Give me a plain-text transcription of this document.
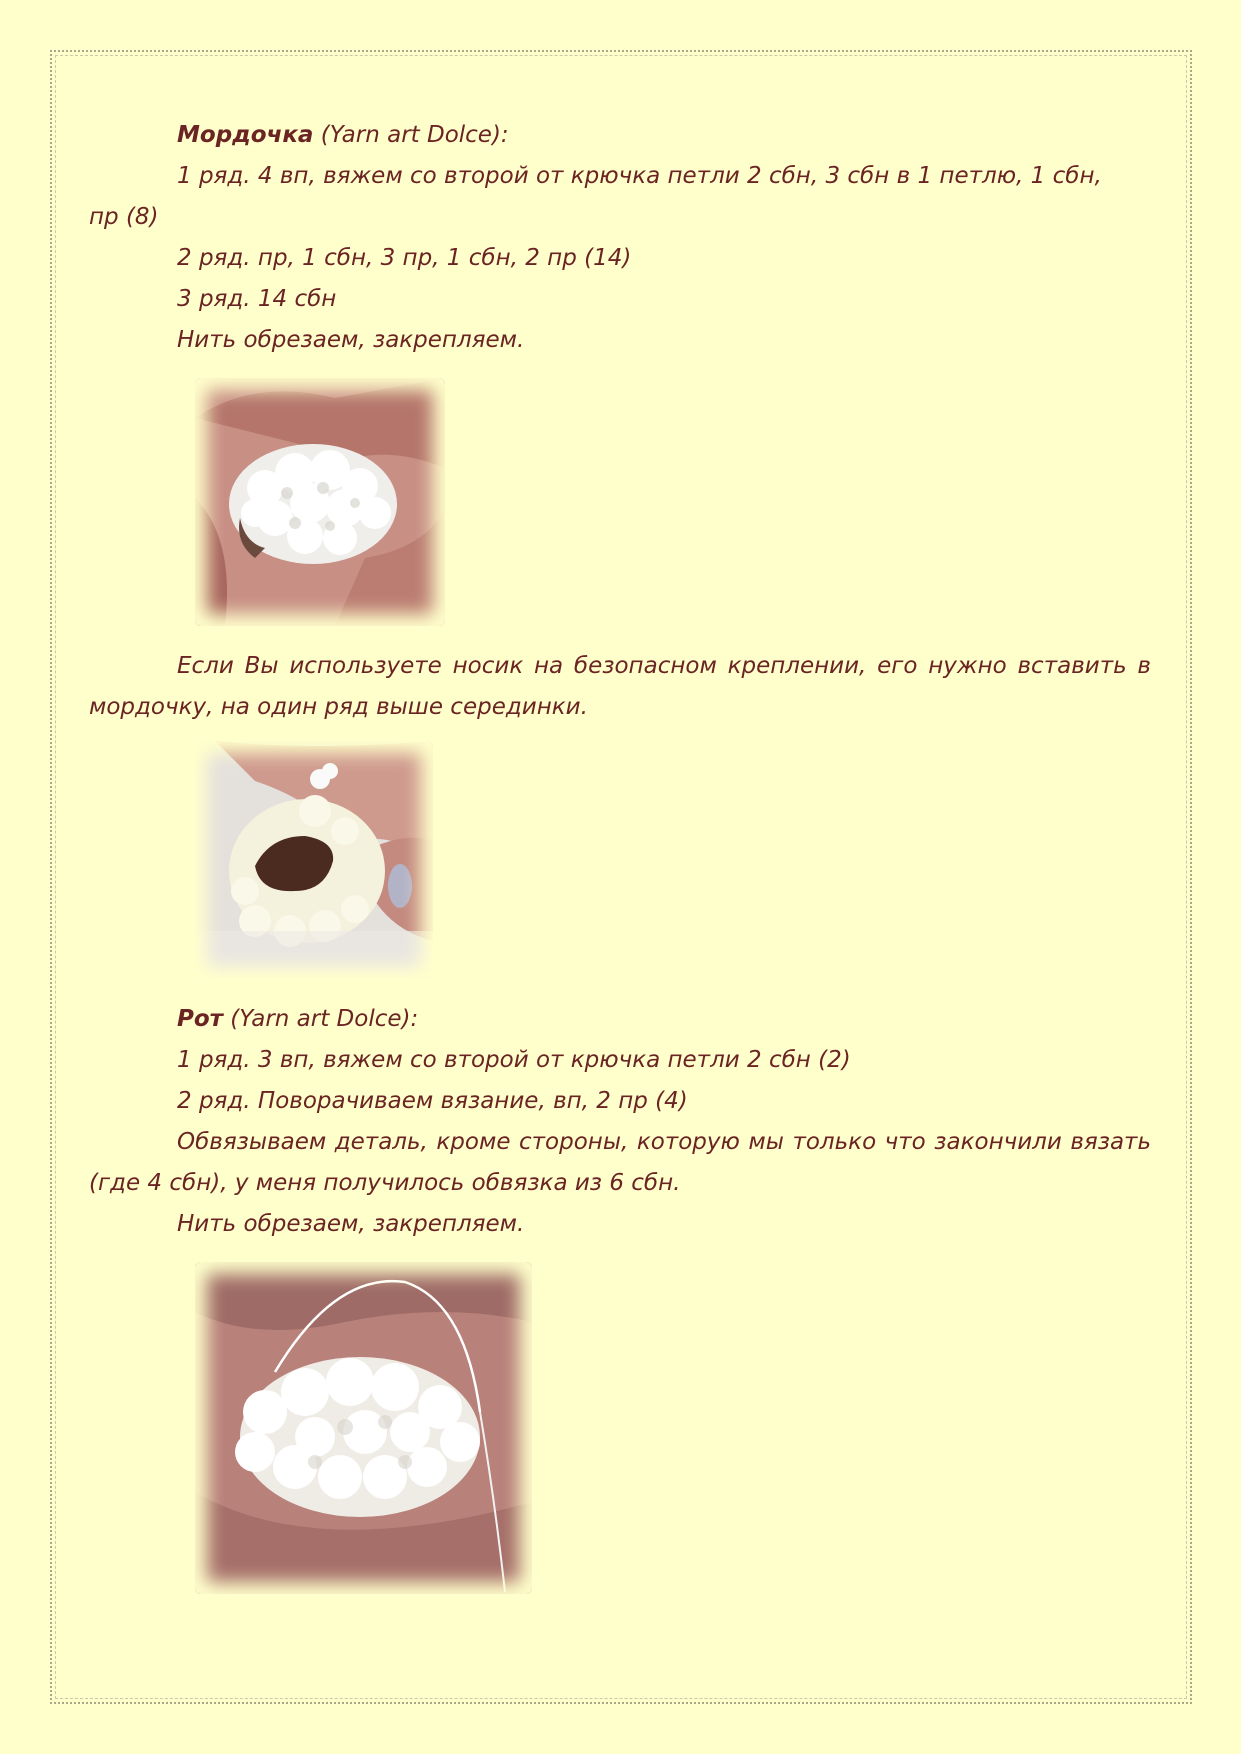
Мордочка (Yarn art Dolce):

1 ряд. 4 вп, вяжем со второй от крючка петли 2 сбн, 3 сбн в 1 петлю, 1 сбн,

пр (8)

2 ряд. пр, 1 сбн, 3 пр, 1 сбн, 2 пр (14)

3 ряд. 14 сбн

Нить обрезаем, закрепляем.

Если Вы используете носик на безопасном креплении, его нужно вставить в мордочку, на один ряд выше серединки.

Рот (Yarn art Dolce):

1 ряд. 3 вп, вяжем со второй от крючка петли 2 сбн (2)

2 ряд. Поворачиваем вязание, вп, 2 пр (4)

Обвязываем деталь, кроме стороны, которую мы только что закончили вязать (где 4 сбн), у меня получилось обвязка из 6 сбн.

Нить обрезаем, закрепляем.
